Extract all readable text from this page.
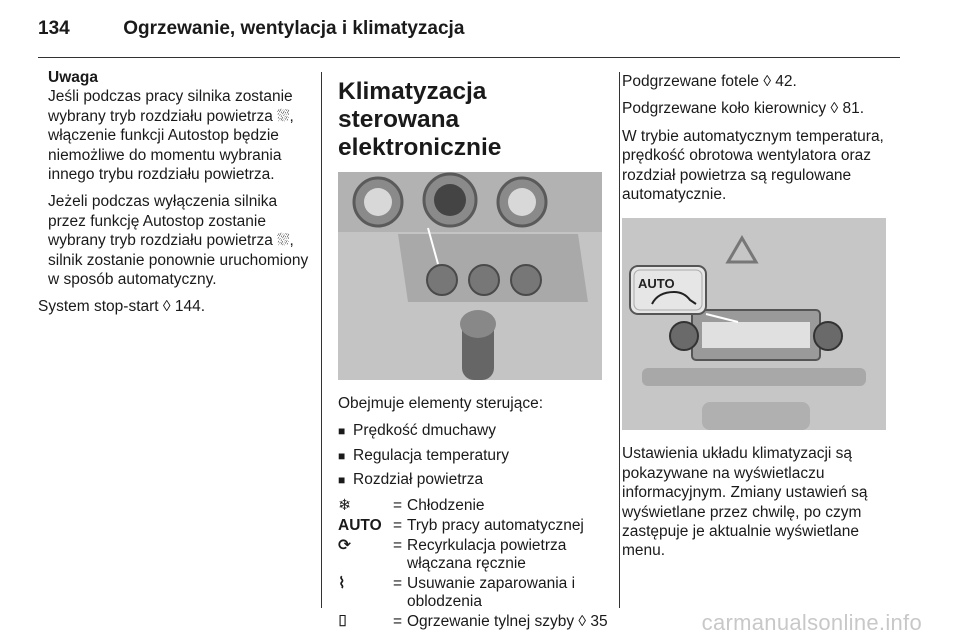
134	Ogrzewanie, wentylacja i klimatyzacja
Uwaga

Jeśli podczas pracy silnika zostanie wybrany tryb rozdziału powietrza ⛆, włączenie funkcji Autostop będzie niemożliwe do momentu wybrania innego trybu rozdziału powietrza.

Jeżeli podczas wyłączenia silnika przez funkcję Autostop zostanie wybrany tryb rozdziału powietrza ⛆, silnik zostanie ponownie uruchomiony w sposób automatyczny.

System stop-start ◊ 144.

Klimatyzacja sterowana elektronicznie

Obejmuje elementy sterujące:

■ Prędkość dmuchawy
■ Regulacja temperatury
■ Rozdział powietrza
❄	= Chłodzenie
AUTO = Tryb pracy automatycznej
⟳	= Recyrkulacja powietrza włączana ręcznie
⌇	= Usuwanie zaparowania i oblodzenia
⌷	= Ogrzewanie tylnej szyby ◊ 35

Podgrzewane fotele ◊ 42.

Podgrzewane koło kierownicy ◊ 81.

W trybie automatycznym temperatura, prędkość obrotowa wentylatora oraz rozdział powietrza są regulowane automatycznie.

AUTO

Ustawienia układu klimatyzacji są pokazywane na wyświetlaczu informacyjnym. Zmiany ustawień są wyświetlane przez chwilę, po czym zastępuje je aktualnie wyświetlane menu.

carmanualsonline.info
